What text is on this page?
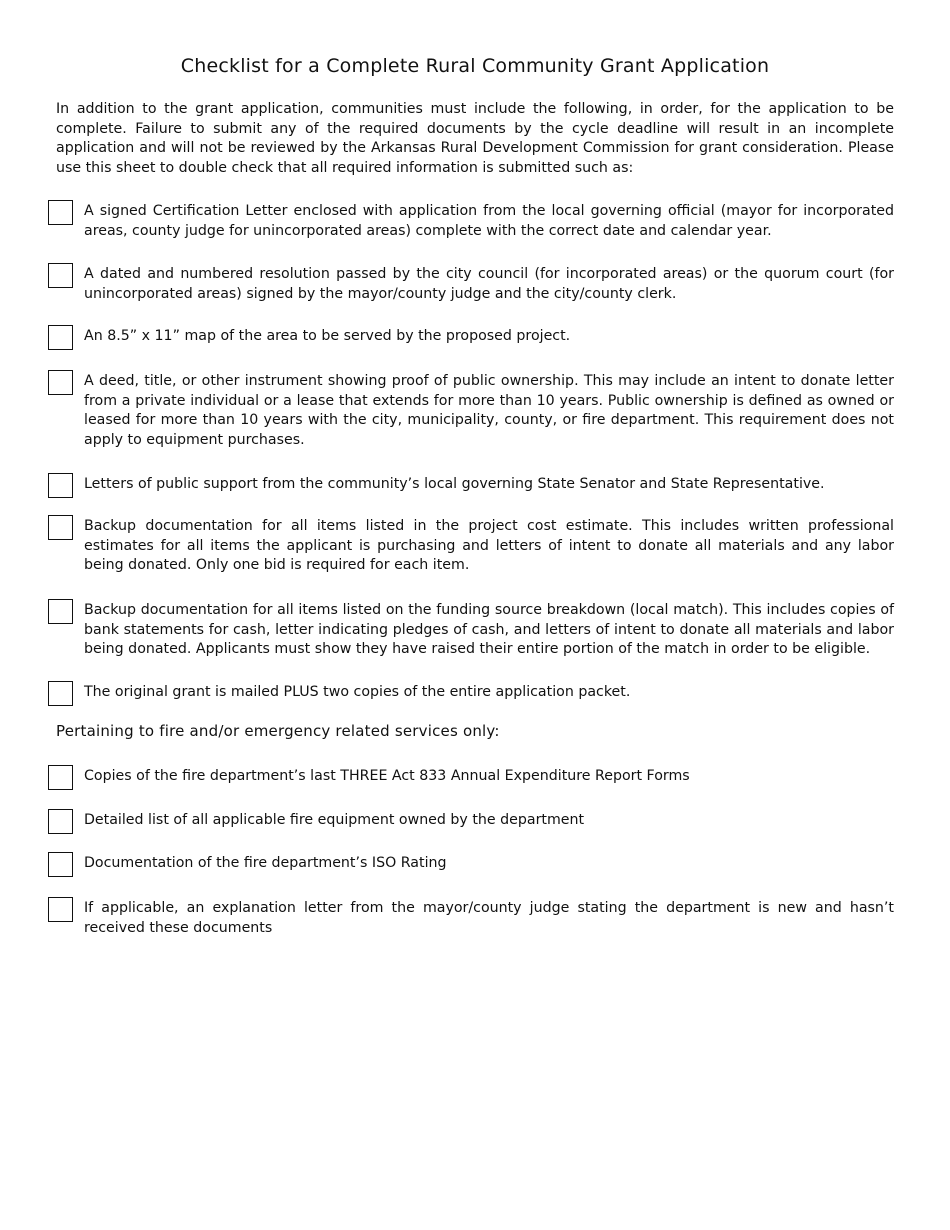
Checklist for a Complete Rural Community Grant Application
In addition to the grant application, communities must include the following, in order, for the application to be complete. Failure to submit any of the required documents by the cycle deadline will result in an incomplete application and will not be reviewed by the Arkansas Rural Development Commission for grant consideration. Please use this sheet to double check that all required information is submitted such as:
A signed Certification Letter enclosed with application from the local governing official (mayor for incorporated areas, county judge for unincorporated areas) complete with the correct date and calendar year.
A dated and numbered resolution passed by the city council (for incorporated areas) or the quorum court (for unincorporated areas) signed by the mayor/county judge and the city/county clerk.
An 8.5” x 11” map of the area to be served by the proposed project.
A deed, title, or other instrument showing proof of public ownership. This may include an intent to donate letter from a private individual or a lease that extends for more than 10 years. Public ownership is defined as owned or leased for more than 10 years with the city, municipality, county, or fire department. This requirement does not apply to equipment purchases.
Letters of public support from the community’s local governing State Senator and State Representative.
Backup documentation for all items listed in the project cost estimate. This includes written professional estimates for all items the applicant is purchasing and letters of intent to donate all materials and any labor being donated. Only one bid is required for each item.
Backup documentation for all items listed on the funding source breakdown (local match). This includes copies of bank statements for cash, letter indicating pledges of cash, and letters of intent to donate all materials and labor being donated. Applicants must show they have raised their entire portion of the match in order to be eligible.
The original grant is mailed PLUS two copies of the entire application packet.
Pertaining to fire and/or emergency related services only:
Copies of the fire department’s last THREE Act 833 Annual Expenditure Report Forms
Detailed list of all applicable fire equipment owned by the department
Documentation of the fire department’s ISO Rating
If applicable, an explanation letter from the mayor/county judge stating the department is new and hasn’t received these documents
